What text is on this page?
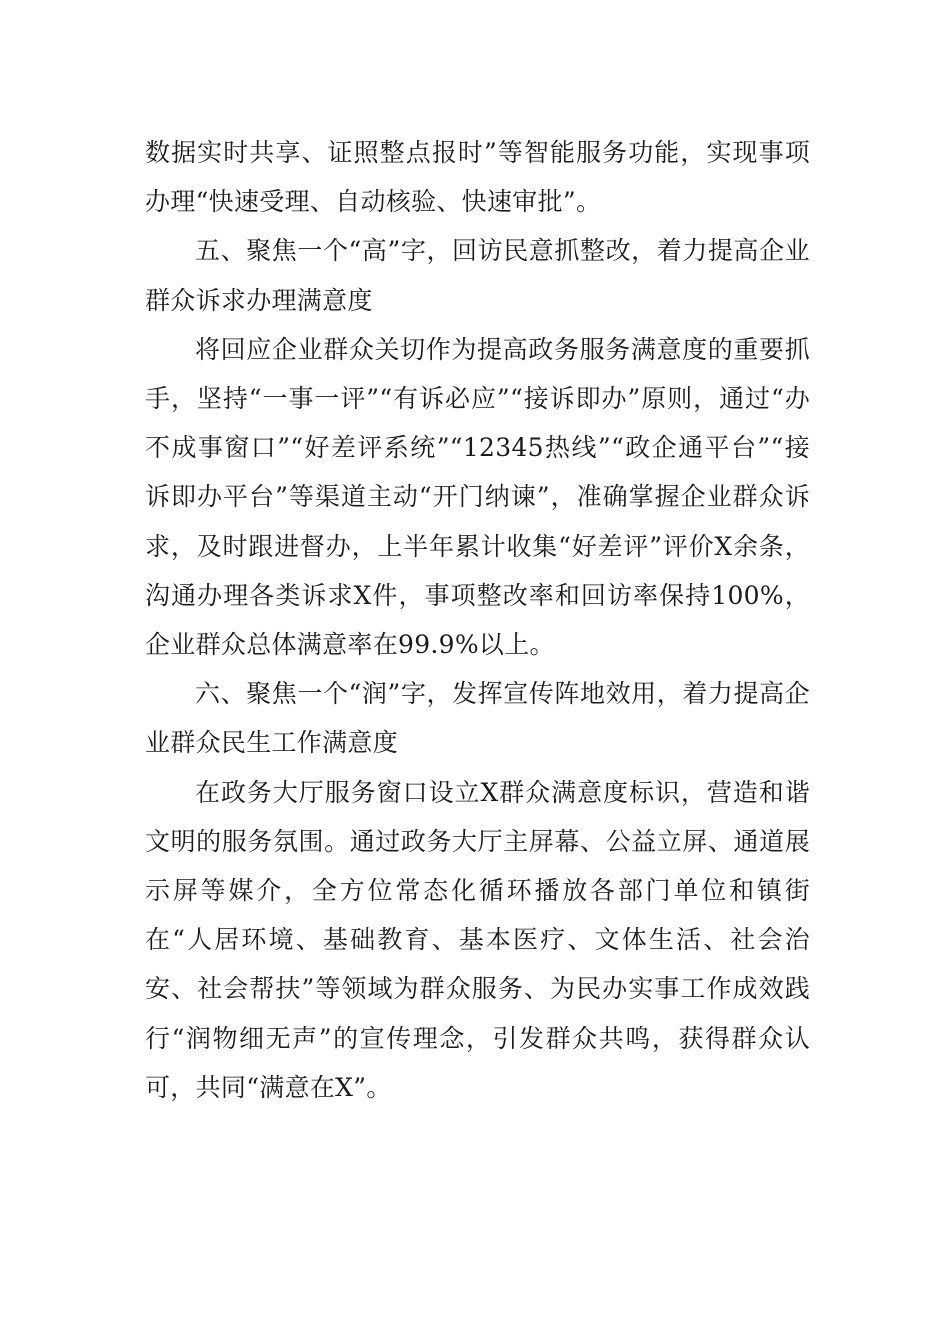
数据实时共享、证照整点报时”等智能服务功能，实现事项办理“快速受理、自动核验、快速审批”。

五、聚焦一个“高”字，回访民意抓整改，着力提高企业群众诉求办理满意度

将回应企业群众关切作为提高政务服务满意度的重要抓手，坚持“一事一评”“有诉必应”“接诉即办”原则，通过“办不成事窗口”“好差评系统”“12345热线”“政企通平台”“接诉即办平台”等渠道主动“开门纳谏”，准确掌握企业群众诉求，及时跟进督办，上半年累计收集“好差评”评价X余条，沟通办理各类诉求X件，事项整改率和回访率保持100%，企业群众总体满意率在99.9%以上。

六、聚焦一个“润”字，发挥宣传阵地效用，着力提高企业群众民生工作满意度

在政务大厅服务窗口设立X群众满意度标识，营造和谐文明的服务氛围。通过政务大厅主屏幕、公益立屏、通道展示屏等媒介，全方位常态化循环播放各部门单位和镇街在“人居环境、基础教育、基本医疗、文体生活、社会治安、社会帮扶”等领域为群众服务、为民办实事工作成效践行“润物细无声”的宣传理念，引发群众共鸣，获得群众认可，共同“满意在X”。
